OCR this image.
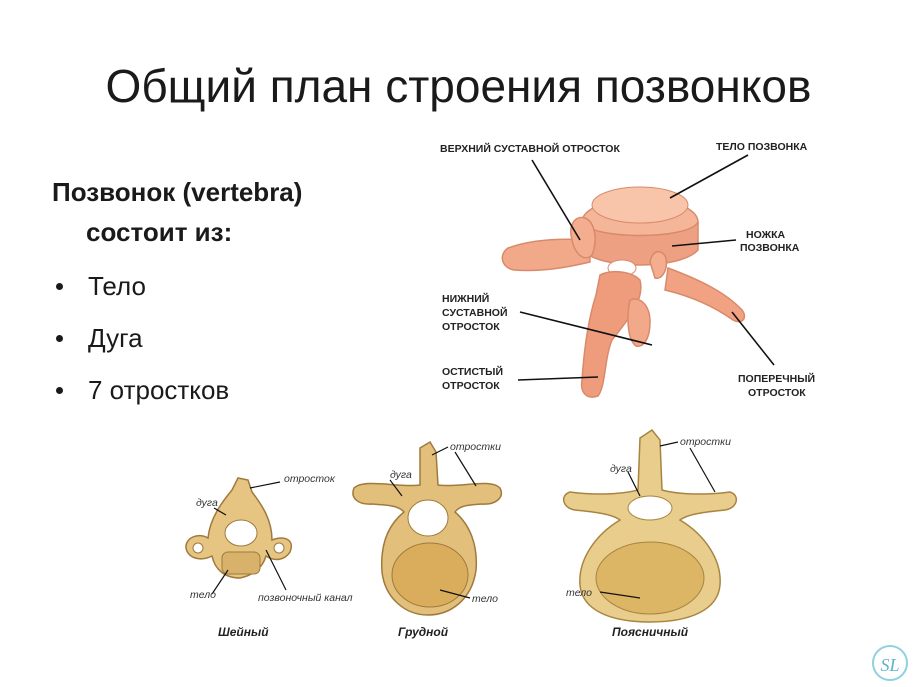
Общий план строения позвонков
Позвонок (vertebra)
состоит из:
Тело
Дуга
7 отростков
ВЕРХНИЙ СУСТАВНОЙ ОТРОСТОК	ТЕЛО ПОЗВОНКА
НОЖКА
ПОЗВОНКА
НИЖНИЙ
СУСТАВНОЙ
ОТРОСТОК
ОСТИСТЫЙ
ОТРОСТОК
ПОПЕРЕЧНЫЙ
ОТРОСТОК
отросток
дуга
тело	позвоночный канал
Шейный
отростки
дуга
тело
Грудной
отростки
дуга
тело
Поясничный
SL
